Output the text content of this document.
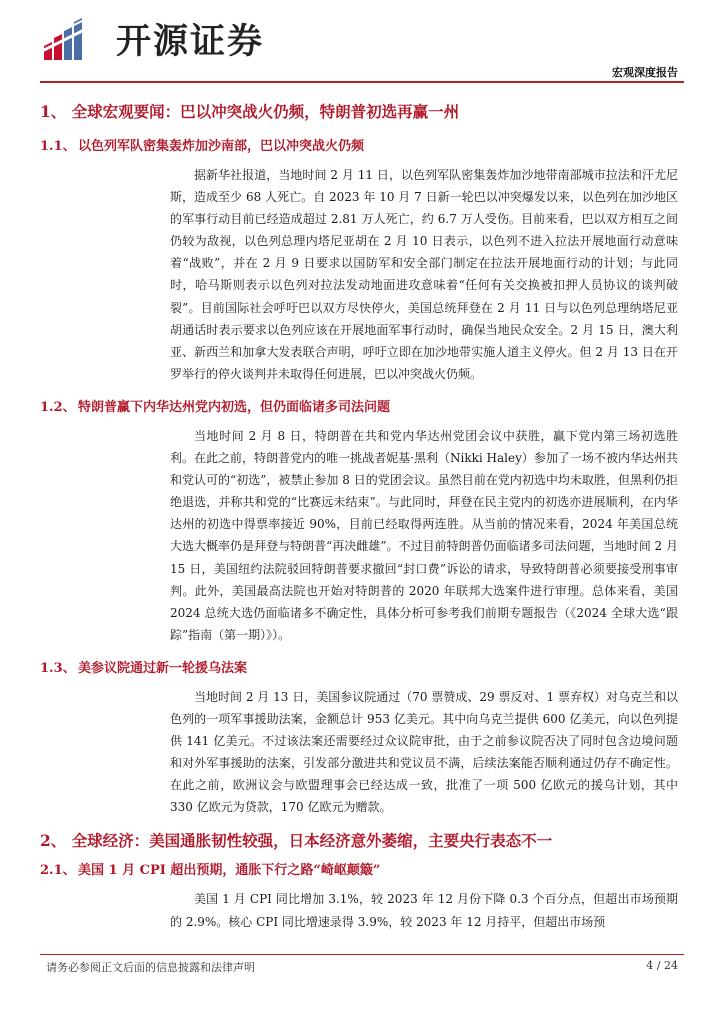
开源证券
宏观深度报告
1、 全球宏观要闻：巴以冲突战火仍频，特朗普初选再赢一州
1.1、 以色列军队密集轰炸加沙南部，巴以冲突战火仍频

据新华社报道，当地时间 2 月 11 日，以色列军队密集轰炸加沙地带南部城市拉法和汗尤尼斯，造成至少 68 人死亡。自 2023 年 10 月 7 日新一轮巴以冲突爆发以来，以色列在加沙地区的军事行动目前已经造成超过 2.81 万人死亡，约 6.7 万人受伤。目前来看，巴以双方相互之间仍较为敌视，以色列总理内塔尼亚胡在 2 月 10 日表示，以色列不进入拉法开展地面行动意味着“战败”，并在 2 月 9 日要求以国防军和安全部门制定在拉法开展地面行动的计划；与此同时，哈马斯则表示以色列对拉法发动地面进攻意味着“任何有关交换被扣押人员协议的谈判破裂”。目前国际社会呼吁巴以双方尽快停火，美国总统拜登在 2 月 11 日与以色列总理纳塔尼亚胡通话时表示要求以色列应该在开展地面军事行动时，确保当地民众安全。2 月 15 日，澳大利亚、新西兰和加拿大发表联合声明，呼吁立即在加沙地带实施人道主义停火。但 2 月 13 日在开罗举行的停火谈判并未取得任何进展，巴以冲突战火仍频。

1.2、 特朗普赢下内华达州党内初选，但仍面临诸多司法问题

当地时间 2 月 8 日，特朗普在共和党内华达州党团会议中获胜，赢下党内第三场初选胜利。在此之前，特朗普党内的唯一挑战者妮基·黑利（Nikki Haley）参加了一场不被内华达州共和党认可的“初选”，被禁止参加 8 日的党团会议。虽然目前在党内初选中均未取胜，但黑利仍拒绝退选，并称共和党的“比赛远未结束”。与此同时，拜登在民主党内的初选亦进展顺利，在内华达州的初选中得票率接近 90%，目前已经取得两连胜。从当前的情况来看，2024 年美国总统大选大概率仍是拜登与特朗普“再决雌雄”。不过目前特朗普仍面临诸多司法问题，当地时间 2 月 15 日，美国纽约法院驳回特朗普要求撤回“封口费”诉讼的请求，导致特朗普必须要接受刑事审判。此外，美国最高法院也开始对特朗普的 2020 年联邦大选案件进行审理。总体来看，美国 2024 总统大选仍面临诸多不确定性，具体分析可参考我们前期专题报告（《2024 全球大选“跟踪”指南（第一期）》）。

1.3、 美参议院通过新一轮援乌法案

当地时间 2 月 13 日，美国参议院通过（70 票赞成、29 票反对、1 票弃权）对乌克兰和以色列的一项军事援助法案，金额总计 953 亿美元。其中向乌克兰提供 600 亿美元，向以色列提供 141 亿美元。不过该法案还需要经过众议院审批，由于之前参议院否决了同时包含边境问题和对外军事援助的法案，引发部分激进共和党议员不满，后续法案能否顺利通过仍存不确定性。在此之前，欧洲议会与欧盟理事会已经达成一致，批准了一项 500 亿欧元的援乌计划，其中 330 亿欧元为贷款，170 亿欧元为赠款。

2、 全球经济：美国通胀韧性较强，日本经济意外萎缩，主要央行表态不一
2.1、 美国 1 月 CPI 超出预期，通胀下行之路“崎岖颠簸”

美国 1 月 CPI 同比增加 3.1%，较 2023 年 12 月份下降 0.3 个百分点，但超出市场预期的 2.9%。核心 CPI 同比增速录得 3.9%，较 2023 年 12 月持平，但超出市场预

请务必参阅正文后面的信息披露和法律声明	4 / 24
